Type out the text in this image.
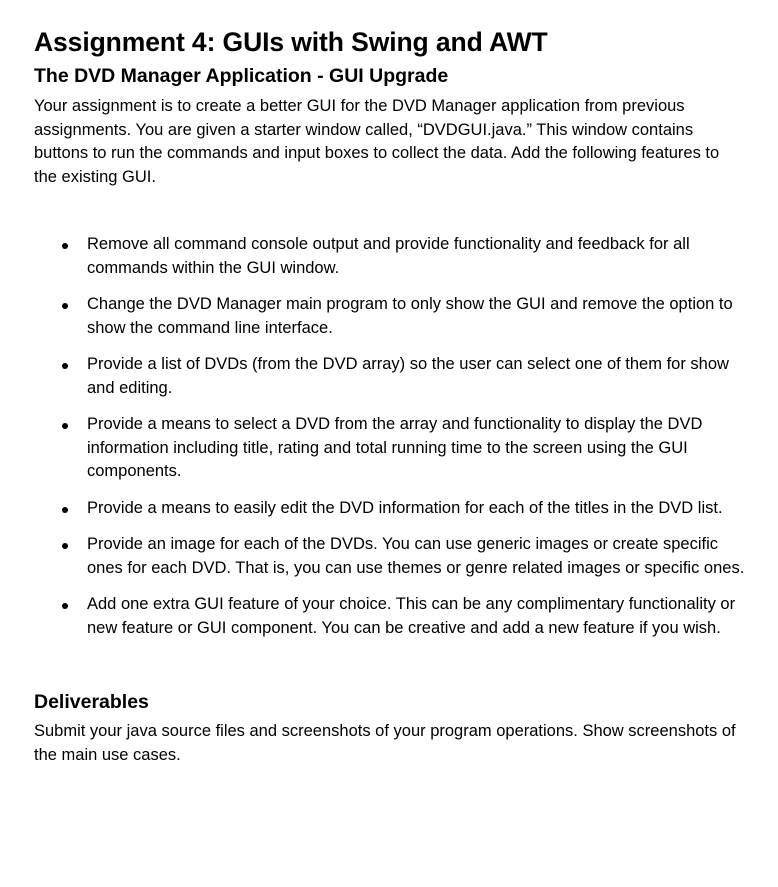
Assignment 4: GUIs with Swing and AWT
The DVD Manager Application - GUI Upgrade

Your assignment is to create a better GUI for the DVD Manager application from previous assignments. You are given a starter window called, “DVDGUI.java.” This window contains buttons to run the commands and input boxes to collect the data. Add the following features to the existing GUI.

Remove all command console output and provide functionality and feedback for all commands within the GUI window.
Change the DVD Manager main program to only show the GUI and remove the option to show the command line interface.
Provide a list of DVDs (from the DVD array) so the user can select one of them for show and editing.
Provide a means to select a DVD from the array and functionality to display the DVD information including title, rating and total running time to the screen using the GUI components.
Provide a means to easily edit the DVD information for each of the titles in the DVD list.
Provide an image for each of the DVDs. You can use generic images or create specific ones for each DVD. That is, you can use themes or genre related images or specific ones.
Add one extra GUI feature of your choice. This can be any complimentary functionality or new feature or GUI component. You can be creative and add a new feature if you wish.
Deliverables

Submit your java source files and screenshots of your program operations. Show screenshots of the main use cases.
